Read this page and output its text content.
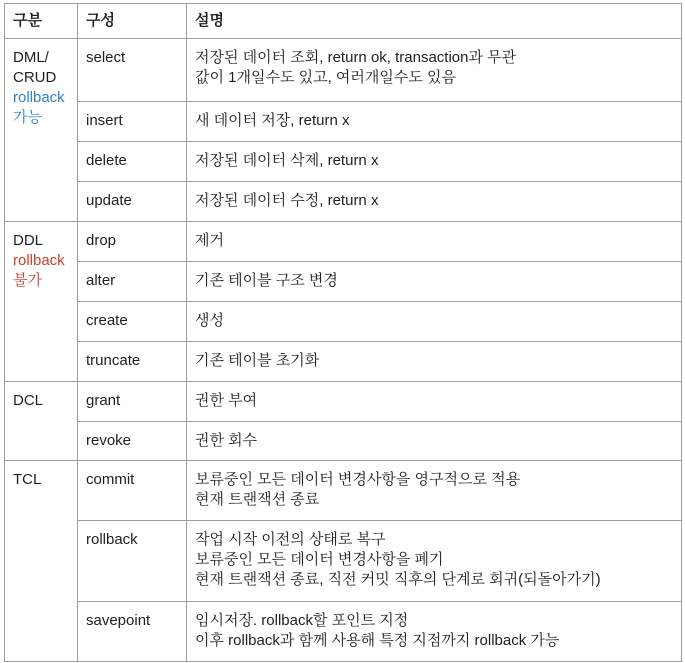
구분	구성	설명

DML/
CRUD
rollback
가능	select	저장된 데이터 조회, return ok, transaction과 무관
값이 1개일수도 있고, 여러개일수도 있음

	insert	새 데이터 저장, return x

	delete	저장된 데이터 삭제, return x

	update	저장된 데이터 수정, return x

DDL
rollback
불가	drop	제거

	alter	기존 테이블 구조 변경

	create	생성

	truncate	기존 테이블 초기화

DCL	grant	권한 부여

	revoke	권한 회수

TCL	commit	보류중인 모든 데이터 변경사항을 영구적으로 적용
현재 트랜잭션 종료

	rollback	작업 시작 이전의 상태로 복구
보류중인 모든 데이터 변경사항을 폐기
현재 트랜잭션 종료, 직전 커밋 직후의 단계로 회귀(되돌아가기)

	savepoint	임시저장. rollback할 포인트 지정
이후 rollback과 함께 사용해 특정 지점까지 rollback 가능
